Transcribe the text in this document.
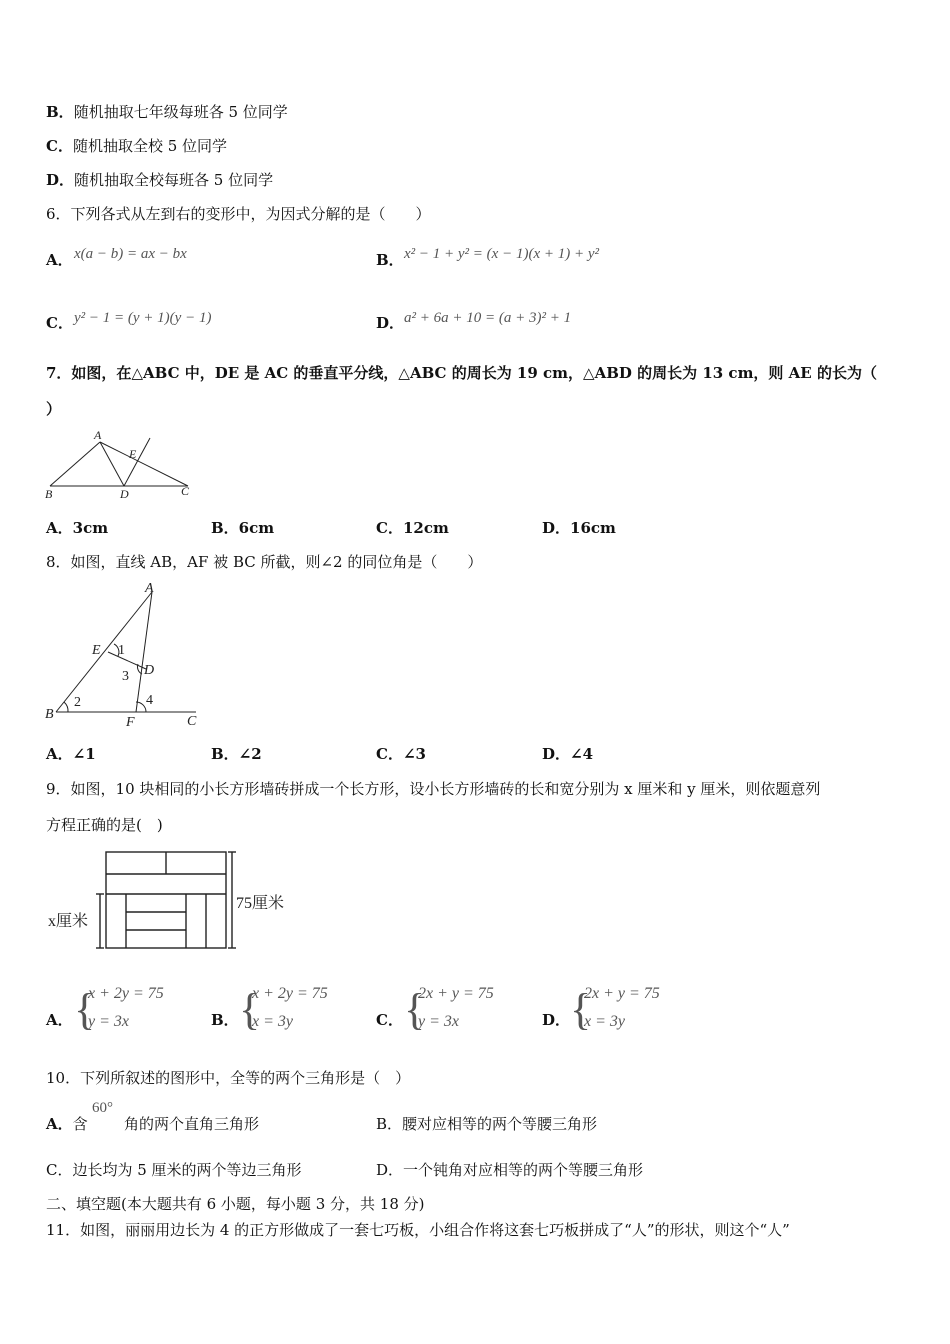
B．随机抽取七年级每班各 5 位同学
C．随机抽取全校 5 位同学
D．随机抽取全校每班各 5 位同学
6．下列各式从左到右的变形中，为因式分解的是（　　）
A． x(a − b) = ax − bx	B． x² − 1 + y² = (x − 1)(x + 1) + y²
C． y² − 1 = (y + 1)(y − 1)	D． a² + 6a + 10 = (a + 3)² + 1
7．如图，在△ABC 中，DE 是 AC 的垂直平分线，△ABC 的周长为 19 cm，△ABD 的周长为 13 cm，则 AE 的长为（
）
A
B	C
D
E
A．3cm	B．6cm	C．12cm	D．16cm
8．如图，直线 AB，AF 被 BC 所截，则∠2 的同位角是（　　）
A
B	C
D
E
F
1
2
3
4
A．∠1	B．∠2	C．∠3	D．∠4
9．如图，10 块相同的小长方形墙砖拼成一个长方形，设小长方形墙砖的长和宽分别为 x 厘米和 y 厘米，则依题意列
方程正确的是(　)
x厘米
75厘米
A． {
x + 2y = 75
y = 3x	B． {
x + 2y = 75
x = 3y	C． {
2x + y = 75
y = 3x	D． {
2x + y = 75
x = 3y
10．下列所叙述的图形中，全等的两个三角形是（　）
A．含
60°
角的两个直角三角形	B．腰对应相等的两个等腰三角形
C．边长均为 5 厘米的两个等边三角形	D．一个钝角对应相等的两个等腰三角形
二、填空题(本大题共有 6 小题，每小题 3 分，共 18 分)
11．如图，丽丽用边长为 4 的正方形做成了一套七巧板，小组合作将这套七巧板拼成了“人”的形状，则这个“人”
